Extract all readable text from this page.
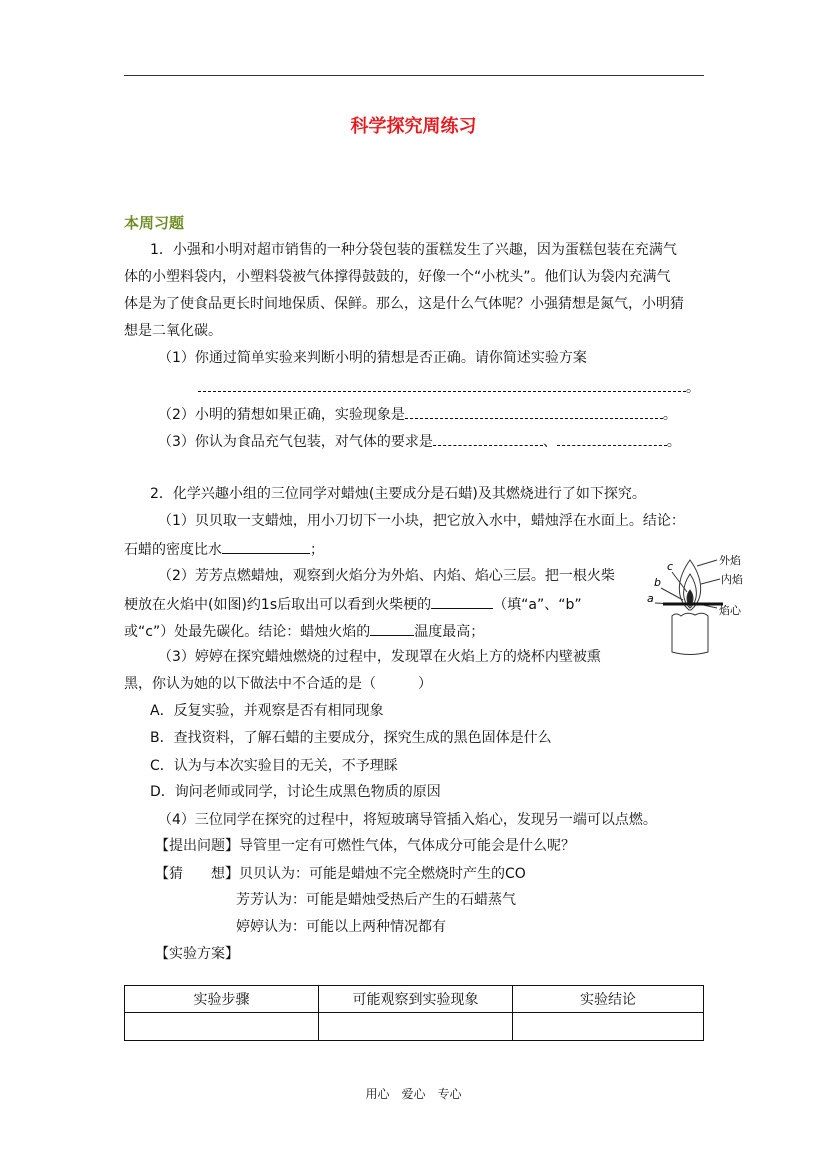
科学探究周练习
本周习题
1．小强和小明对超市销售的一种分袋包装的蛋糕发生了兴趣，因为蛋糕包装在充满气
体的小塑料袋内，小塑料袋被气体撑得鼓鼓的，好像一个“小枕头”。他们认为袋内充满气
体是为了使食品更长时间地保质、保鲜。那么，这是什么气体呢？小强猜想是氮气，小明猜
想是二氧化碳。
（1）你通过简单实验来判断小明的猜想是否正确。请你简述实验方案
。
（2）小明的猜想如果正确，实验现象是	。
（3）你认为食品充气包装，对气体的要求是	、	。
2．化学兴趣小组的三位同学对蜡烛(主要成分是石蜡)及其燃烧进行了如下探究。
（1）贝贝取一支蜡烛，用小刀切下一小块，把它放入水中，蜡烛浮在水面上。结论：
石蜡的密度比水	；
（2）芳芳点燃蜡烛，观察到火焰分为外焰、内焰、焰心三层。把一根火柴
梗放在火焰中(如图)约1s后取出可以看到火柴梗的	（填“a”、“b”
或“c”）处最先碳化。结论：蜡烛火焰的	温度最高；
（3）婷婷在探究蜡烛燃烧的过程中，发现罩在火焰上方的烧杯内壁被熏
黑，你认为她的以下做法中不合适的是（　　　）
A．反复实验，并观察是否有相同现象
B．查找资料，了解石蜡的主要成分，探究生成的黑色固体是什么
C．认为与本次实验目的无关，不予理睬
D．询问老师或同学，讨论生成黑色物质的原因
（4）三位同学在探究的过程中，将短玻璃导管插入焰心，发现另一端可以点燃。
【提出问题】导管里一定有可燃性气体，气体成分可能会是什么呢？
【猜　　想】贝贝认为：可能是蜡烛不完全燃烧时产生的CO
芳芳认为：可能是蜡烛受热后产生的石蜡蒸气
婷婷认为：可能以上两种情况都有
【实验方案】
实验步骤	可能观察到实验现象	实验结论

c
b
a
外焰
内焰
焰心
用心　爱心　专心
